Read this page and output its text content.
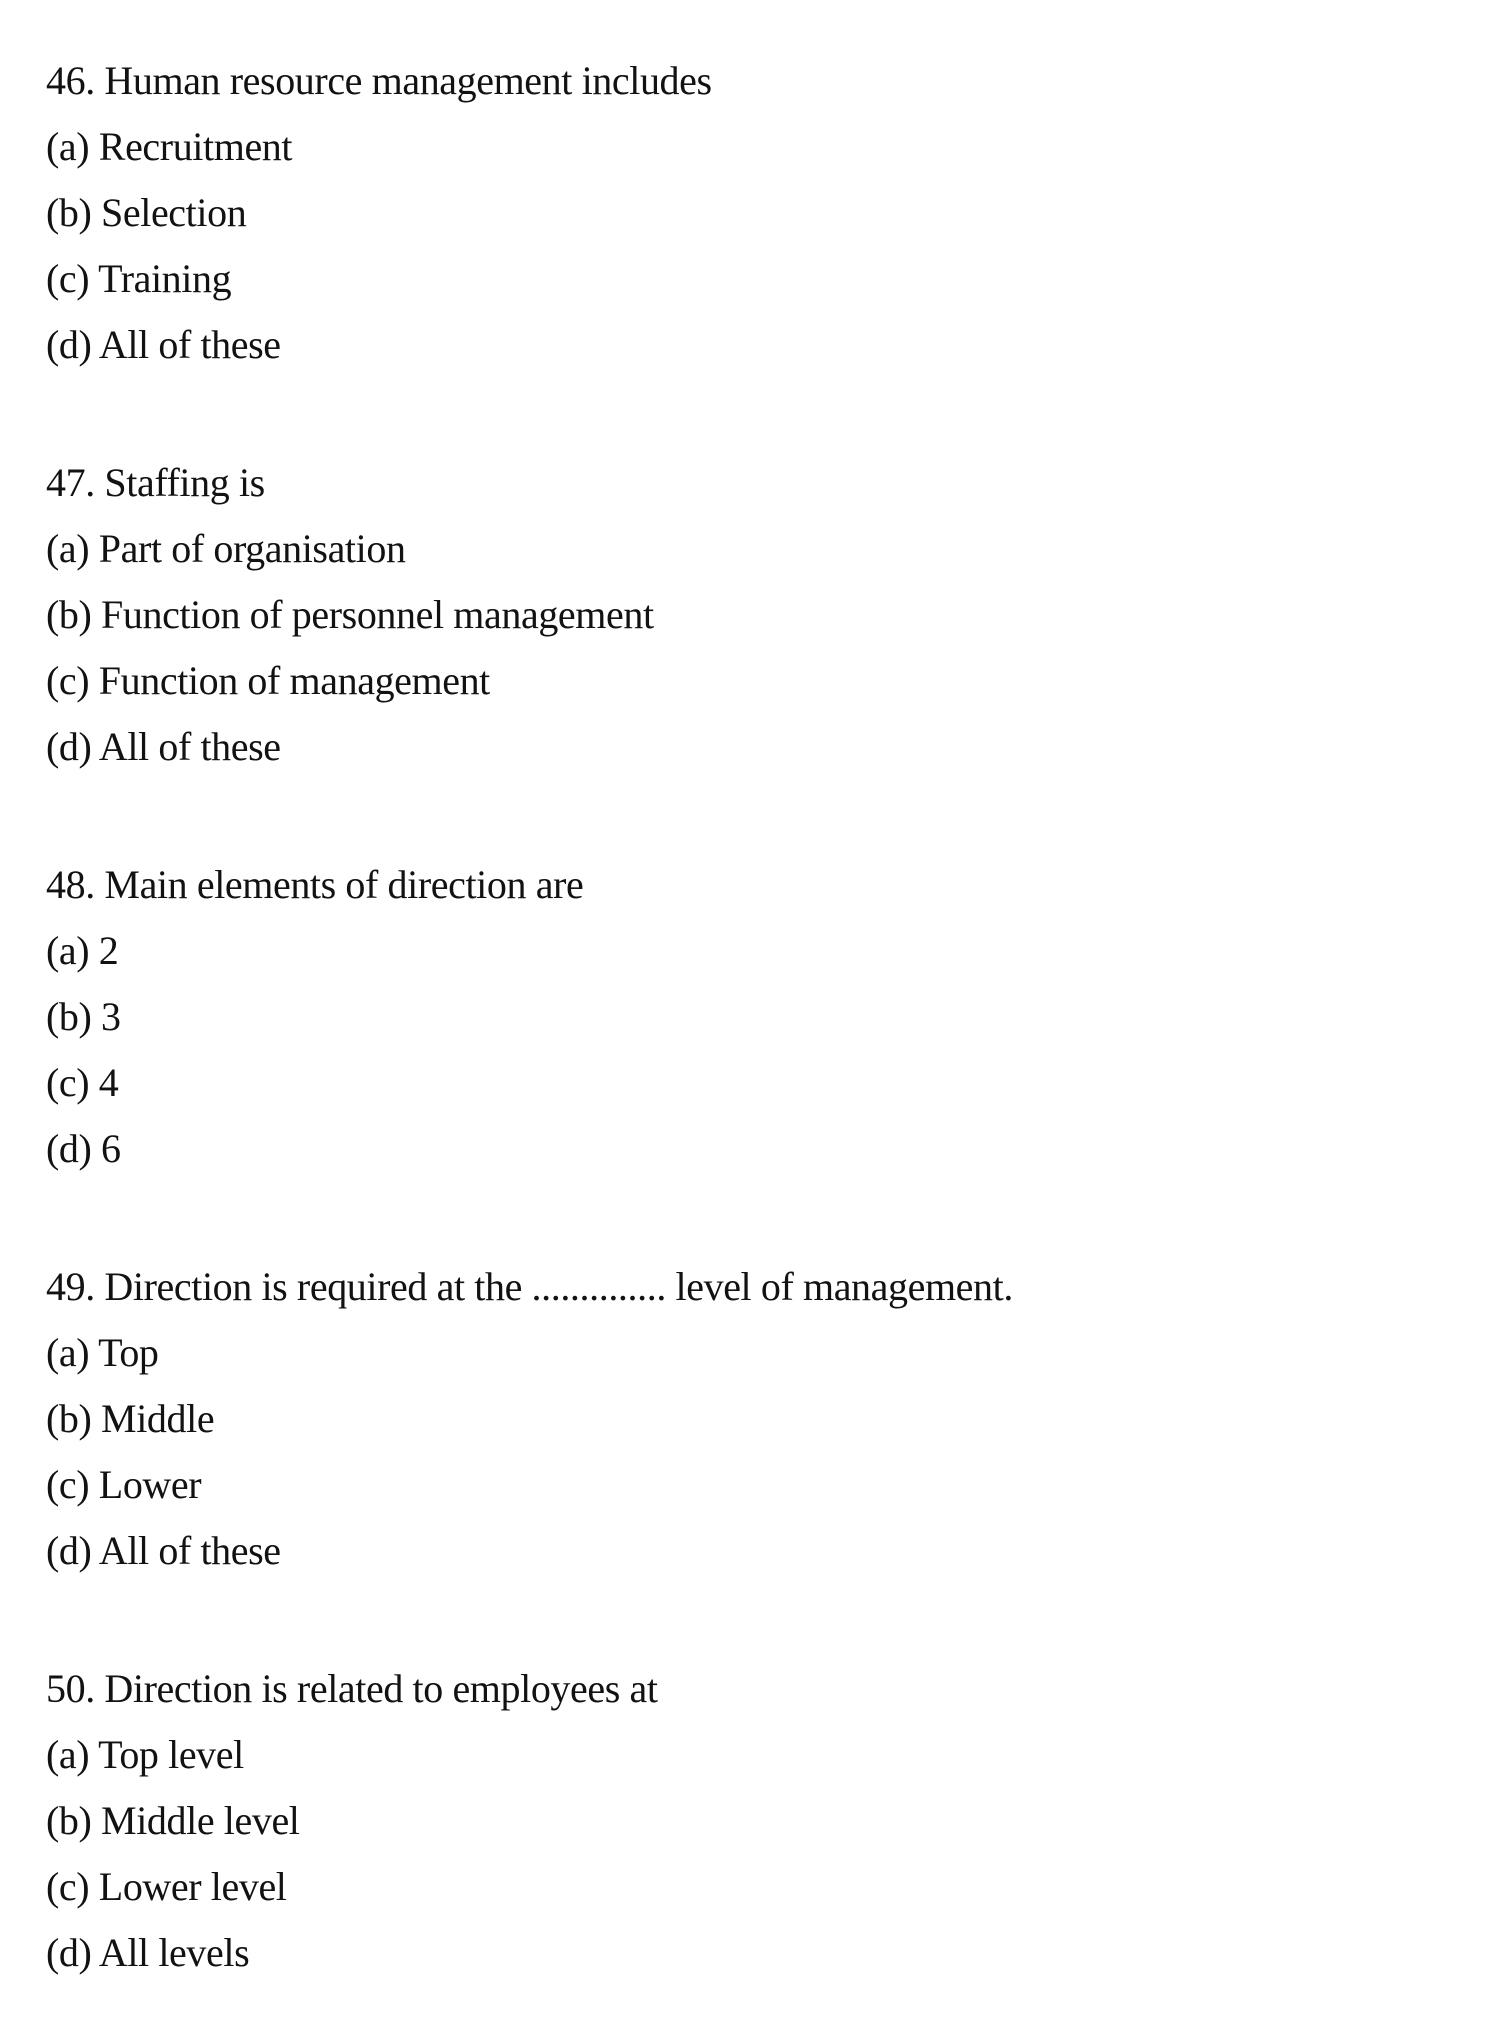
46. Human resource management includes

(a) Recruitment

(b) Selection

(c) Training

(d) All of these

47. Staffing is

(a) Part of organisation

(b) Function of personnel management

(c) Function of management

(d) All of these

48. Main elements of direction are

(a) 2

(b) 3

(c) 4

(d) 6

49. Direction is required at the .............. level of management.

(a) Top

(b) Middle

(c) Lower

(d) All of these

50. Direction is related to employees at

(a) Top level

(b) Middle level

(c) Lower level

(d) All levels
